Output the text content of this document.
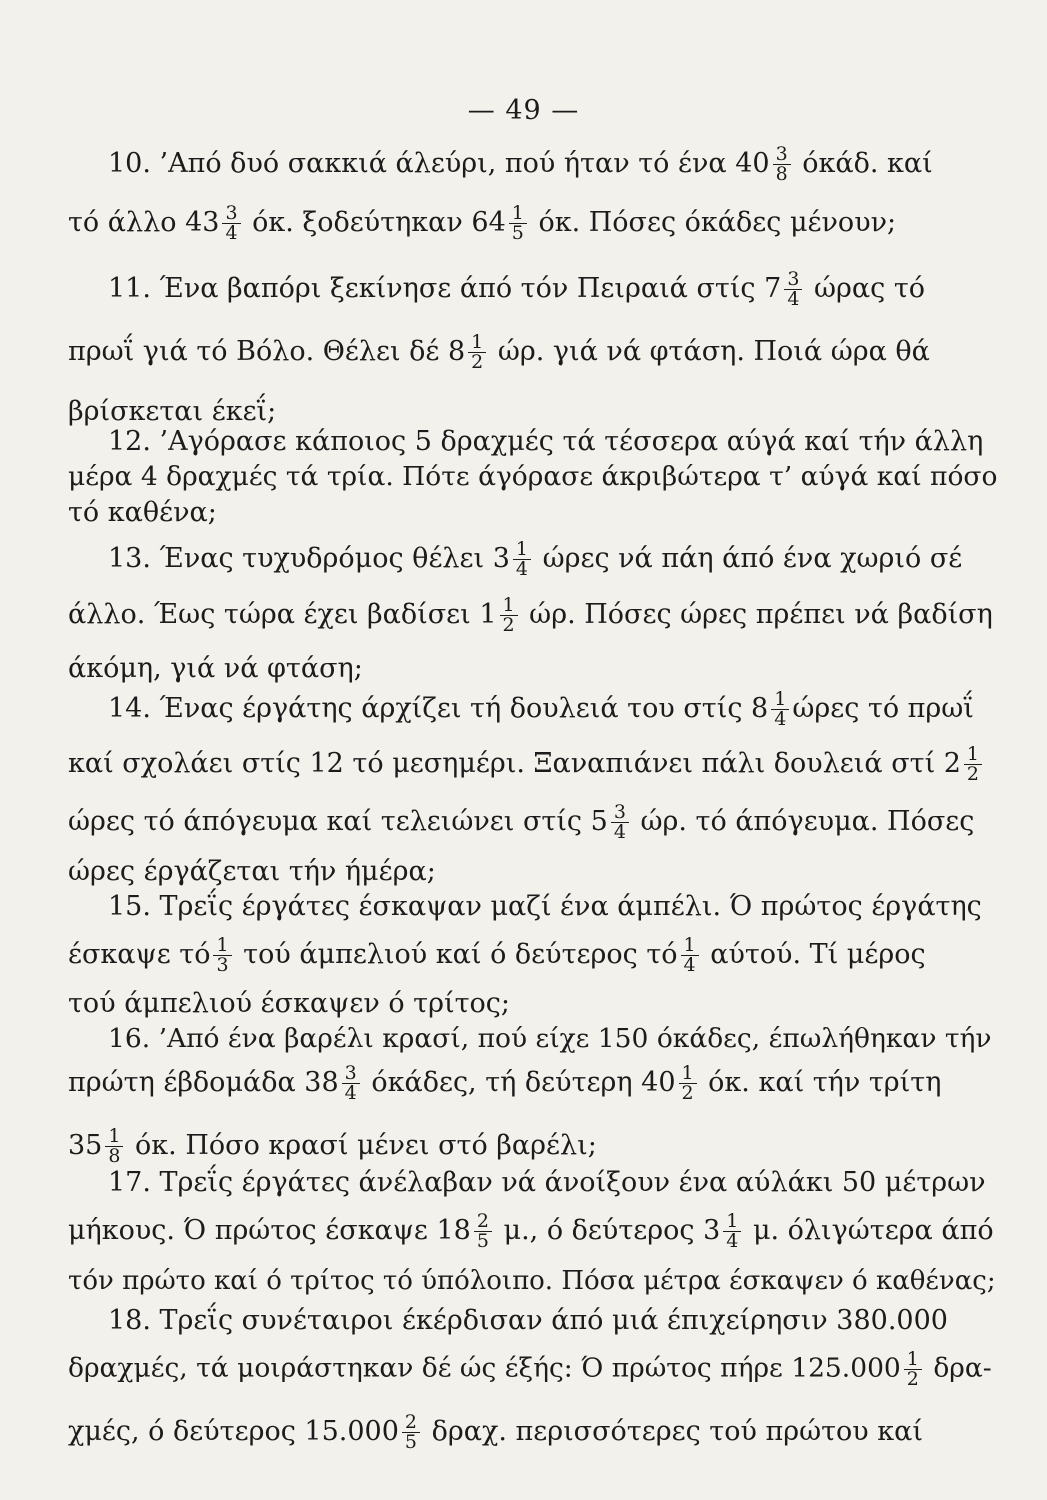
— 49 —
10. ’Από δυό σακκιά άλεύρι, πού ήταν τό ένα $40 \frac{3}{8} ό\kappa ά\delta$. καί
τό άλλο $43 \frac{3}{4} ό\kappa$. ξοδεύτηκαν $64 \frac{1}{5} ό\kappa$. Πόσες όκάδες μένουν;
11. Ένα βαπόρι ξεκίνησε άπό τόν Πειραιά στίς $7 \frac{3}{4}$ ώρας τό
πρωΐ γιά τό Βόλο. Θέλει δέ $8 \frac{1}{2} ώ\rho$. γιά νά φτάση. Ποιά ώρα θά
βρίσκεται έκεΐ;
12. ’Αγόρασε κάποιος 5 δραχμές τά τέσσερα αύγά καί τήν άλλη
μέρα 4 δραχμές τά τρία. Πότε άγόρασε άκριβώτερα τ’ αύγά καί πόσο
τό καθένα;
13. Ένας τυχυδρόμος θέλει $3 \frac{1}{4}$ ώρες νά πάη άπό ένα χωριό σέ
άλλο. Έως τώρα έχει βαδίσει $1 \frac{1}{2} ώ\rho$. Πόσες ώρες πρέπει νά βαδίση
άκόμη, γιά νά φτάση;
14. Ένας έργάτης άρχίζει τή δουλειά του στίς $8 \frac{1}{4}$ ώρες τό πρωΐ
καί σχολάει στίς 12 τό μεσημέρι. Ξαναπιάνει πάλι δουλειά στί $2 \frac{1}{2}$
ώρες τό άπόγευμα καί τελειώνει στίς $5 \frac{3}{4} ώ\rho$. τό άπόγευμα. Πόσες
ώρες έργάζεται τήν ήμέρα;
15. Τρεΐς έργάτες έσκαψαν μαζί ένα άμπέλι. Ό πρώτος έργάτης
έσκαψε τό $\frac{1}{3}$ τού άμπελιού καί ό δεύτερος τό $\frac{1}{4} \alpha ύ\tau oύ$. Τί μέρος
τού άμπελιού έσκαψεν ό τρίτος;
16. ’Από ένα βαρέλι κρασί, πού είχε 150 όκάδες, έπωλήθηκαν τήν
πρώτη έβδομάδα $38 \frac{3}{4} ό\kappa ά\delta\varepsilon\varsigma$, τή δεύτερη $40 \frac{1}{2} ό\kappa$. καί τήν τρίτη
$35 \frac{1}{8} ό\kappa$. Πόσο κρασί μένει στό βαρέλι;
17. Τρεΐς έργάτες άνέλαβαν νά άνοίξουν ένα αύλάκι 50 μέτρων
μήκους. Ό πρώτος έσκαψε $18 \frac{2}{5} \mu$., ό δεύτερος $3 \frac{1}{4} \mu$. όλιγώτερα άπό
τόν πρώτο καί ό τρίτος τό ύπόλοιπο. Πόσα μέτρα έσκαψεν ό καθένας;
18. Τρεΐς συνέταιροι έκέρδισαν άπό μιά έπιχείρησιν 380.000
δραχμές, τά μοιράστηκαν δέ ώς έξής: Ό πρώτος πήρε $125.000 \frac{1}{2} \delta\rho\alpha-$
χμές, ό δεύτερος $15.000 \frac{2}{5} \delta\rho\alpha\chi$. περισσότερες τού πρώτου καί
